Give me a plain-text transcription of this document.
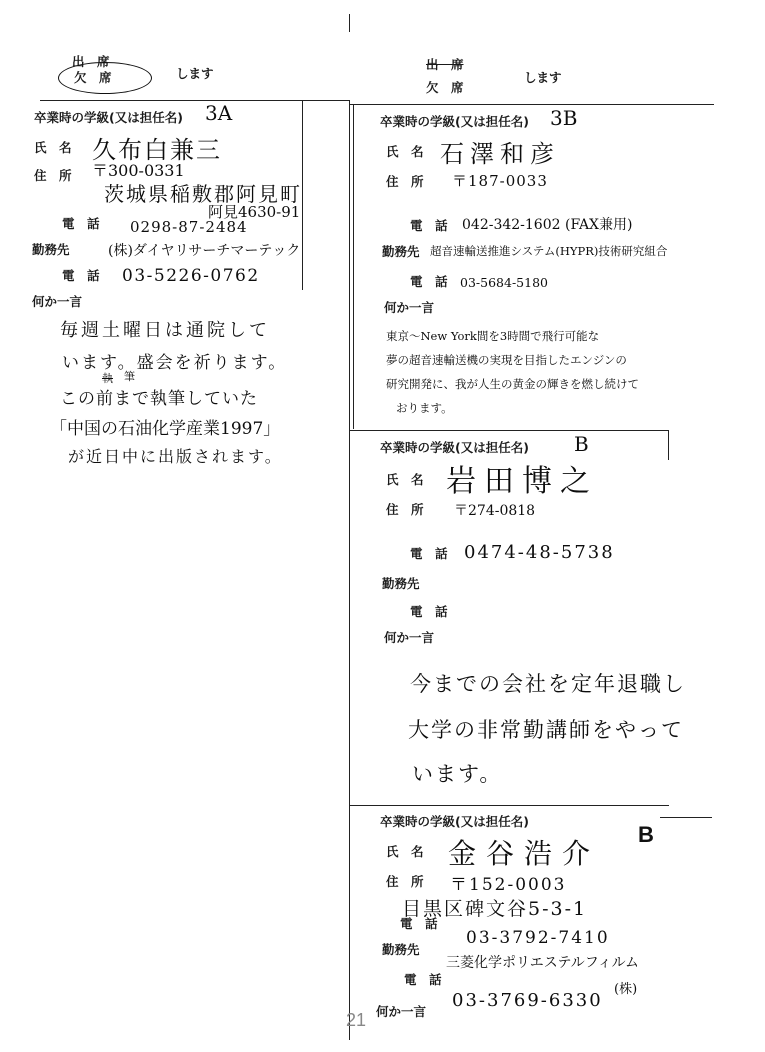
出　席
欠　席	します
卒業時の学級(又は担任名) 3A
氏　名 久布白兼三
住　所 〒300-0331
茨城県稲敷郡阿見町
阿見4630-91
電　話 0298-87-2484
勤務先	(株)ダイヤリサーチマーテック
電　話 03-5226-0762
何か一言
毎週土曜日は通院して
います。盛会を祈ります。
筆
執
この前まで執筆していた
「中国の石油化学産業1997」
が近日中に出版されます。
出　席
欠　席
します
卒業時の学級(又は担任名) 3B
氏　名 石澤和彦
住　所 〒187-0033
電　話 042-342-1602 (FAX兼用)
勤務先 超音速輸送推進システム(HYPR)技術研究組合
電　話 03-5684-5180
何か一言
東京〜New York間を3時間で飛行可能な
夢の超音速輸送機の実現を目指したエンジンの
研究開発に、我が人生の黄金の輝きを燃し続けて
おります。
卒業時の学級(又は担任名) B
氏　名 岩田博之
住　所 〒274-0818
電　話 0474-48-5738
勤務先
電　話
何か一言
今までの会社を定年退職し
大学の非常勤講師をやって
います。
卒業時の学級(又は担任名)
B
氏　名 金谷浩介
住　所 〒152-0003
目黒区碑文谷5-3-1
電　話
03-3792-7410
勤務先
三菱化学ポリエステルフィルム
(株)
電　話
03-3769-6330
何か一言
21
